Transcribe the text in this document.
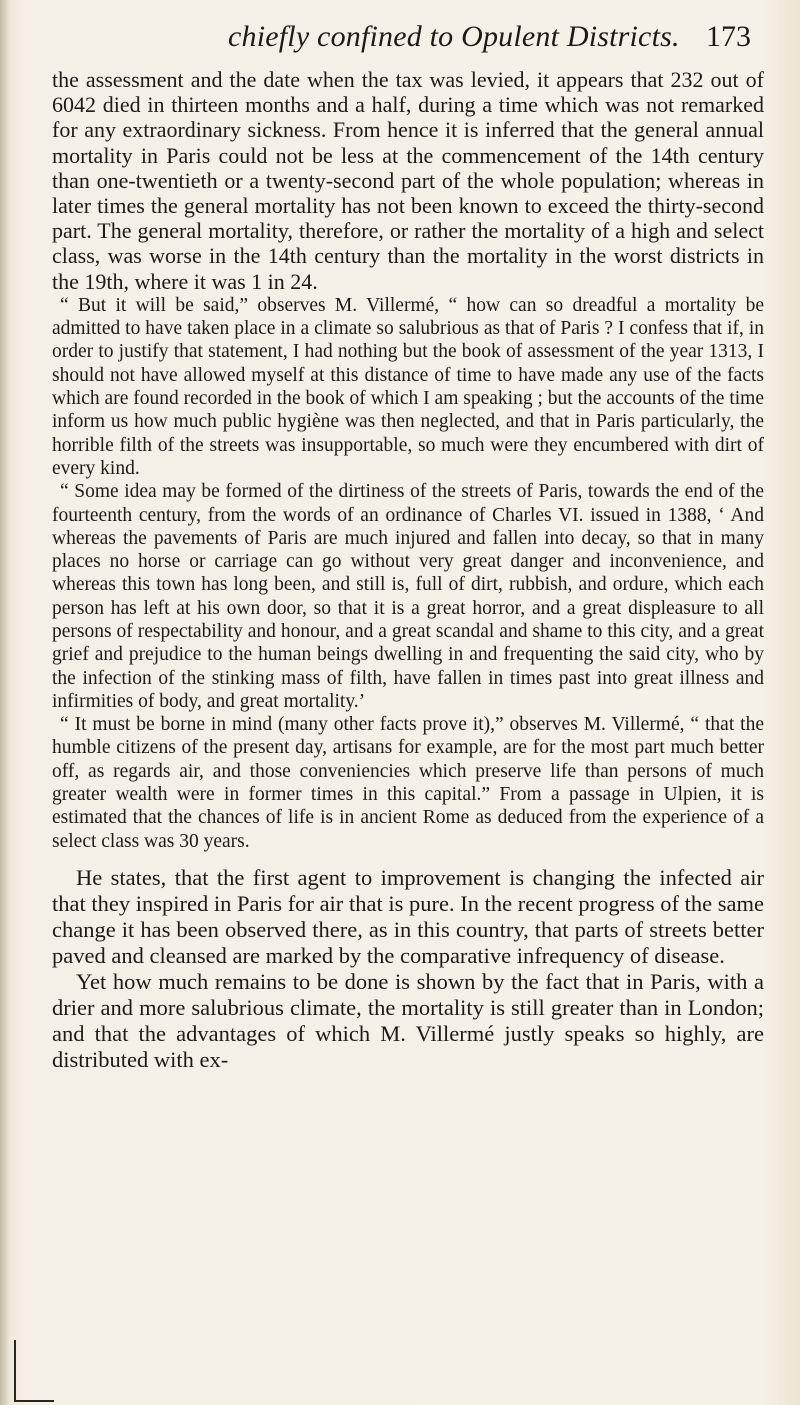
chiefly confined to Opulent Districts. 173

the assessment and the date when the tax was levied, it appears that 232 out of 6042 died in thirteen months and a half, during a time which was not remarked for any extraordinary sickness. From hence it is inferred that the general annual mortality in Paris could not be less at the commencement of the 14th century than one-twentieth or a twenty-second part of the whole population; whereas in later times the general mortality has not been known to exceed the thirty-second part. The general mortality, therefore, or rather the mortality of a high and select class, was worse in the 14th century than the mortality in the worst districts in the 19th, where it was 1 in 24.

“ But it will be said,” observes M. Villermé, “ how can so dreadful a mortality be admitted to have taken place in a climate so salubrious as that of Paris ? I confess that if, in order to justify that statement, I had nothing but the book of assessment of the year 1313, I should not have allowed myself at this distance of time to have made any use of the facts which are found recorded in the book of which I am speaking ; but the accounts of the time inform us how much public hygiène was then neglected, and that in Paris particularly, the horrible filth of the streets was insupportable, so much were they encumbered with dirt of every kind.

“ Some idea may be formed of the dirtiness of the streets of Paris, towards the end of the fourteenth century, from the words of an ordinance of Charles VI. issued in 1388, ‘ And whereas the pavements of Paris are much injured and fallen into decay, so that in many places no horse or carriage can go without very great danger and inconvenience, and whereas this town has long been, and still is, full of dirt, rubbish, and ordure, which each person has left at his own door, so that it is a great horror, and a great displeasure to all persons of respectability and honour, and a great scandal and shame to this city, and a great grief and prejudice to the human beings dwelling in and frequenting the said city, who by the infection of the stinking mass of filth, have fallen in times past into great illness and infirmities of body, and great mortality.’

“ It must be borne in mind (many other facts prove it),” observes M. Villermé, “ that the humble citizens of the present day, artisans for example, are for the most part much better off, as regards air, and those conveniencies which preserve life than persons of much greater wealth were in former times in this capital.” From a passage in Ulpien, it is estimated that the chances of life is in ancient Rome as deduced from the experience of a select class was 30 years.

He states, that the first agent to improvement is changing the infected air that they inspired in Paris for air that is pure. In the recent progress of the same change it has been observed there, as in this country, that parts of streets better paved and cleansed are marked by the comparative infrequency of disease.

Yet how much remains to be done is shown by the fact that in Paris, with a drier and more salubrious climate, the mortality is still greater than in London; and that the advantages of which M. Villermé justly speaks so highly, are distributed with ex-
